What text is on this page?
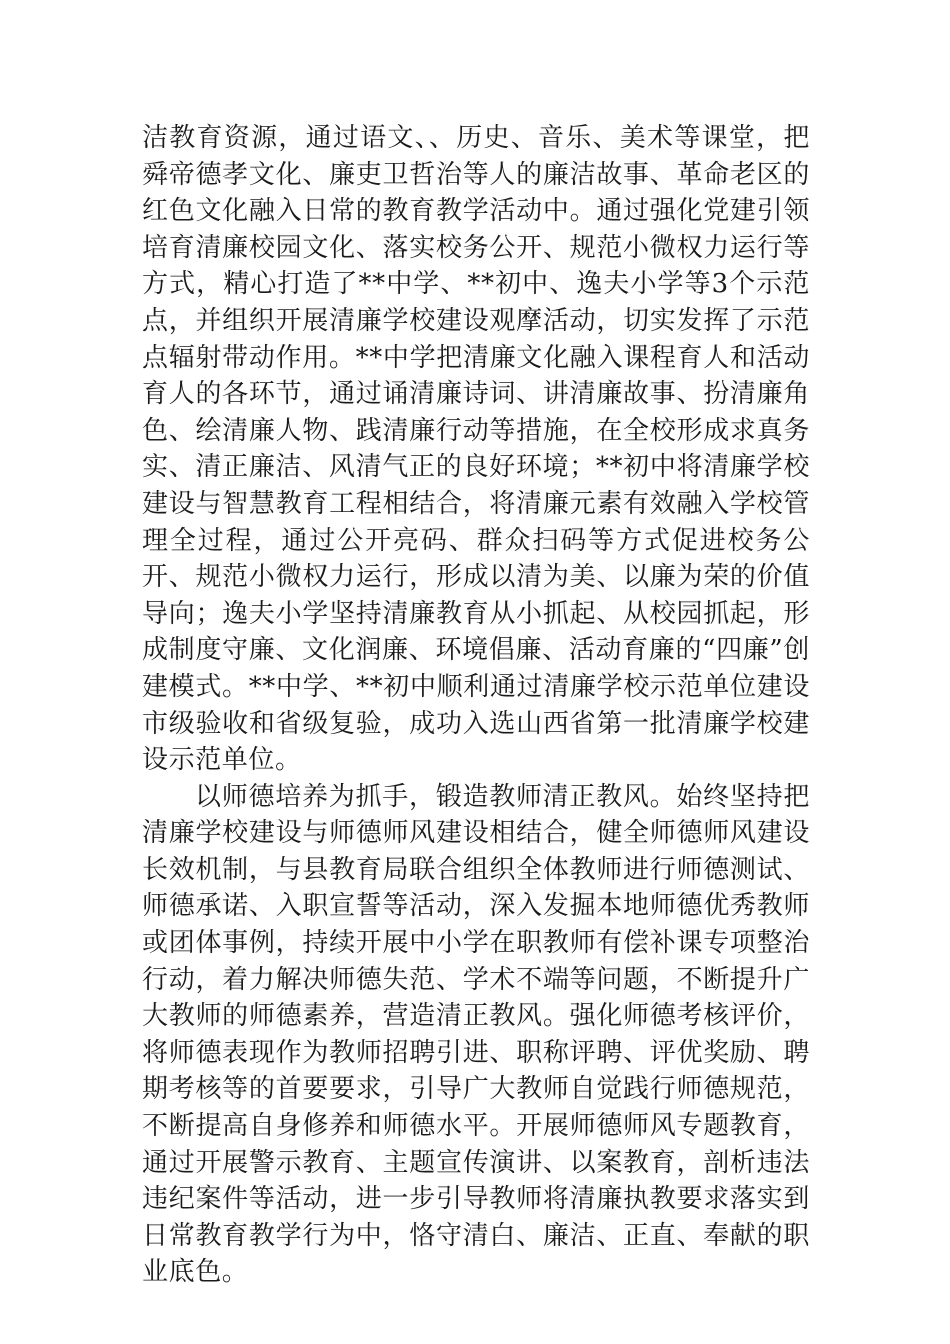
洁教育资源，通过语文、、历史、音乐、美术等课堂，把舜帝德孝文化、廉吏卫哲治等人的廉洁故事、革命老区的红色文化融入日常的教育教学活动中。通过强化党建引领培育清廉校园文化、落实校务公开、规范小微权力运行等方式，精心打造了**中学、**初中、逸夫小学等3个示范点，并组织开展清廉学校建设观摩活动，切实发挥了示范点辐射带动作用。**中学把清廉文化融入课程育人和活动育人的各环节，通过诵清廉诗词、讲清廉故事、扮清廉角色、绘清廉人物、践清廉行动等措施，在全校形成求真务实、清正廉洁、风清气正的良好环境；**初中将清廉学校建设与智慧教育工程相结合，将清廉元素有效融入学校管理全过程，通过公开亮码、群众扫码等方式促进校务公开、规范小微权力运行，形成以清为美、以廉为荣的价值导向；逸夫小学坚持清廉教育从小抓起、从校园抓起，形成制度守廉、文化润廉、环境倡廉、活动育廉的“四廉”创建模式。**中学、**初中顺利通过清廉学校示范单位建设市级验收和省级复验，成功入选山西省第一批清廉学校建设示范单位。

以师德培养为抓手，锻造教师清正教风。始终坚持把清廉学校建设与师德师风建设相结合，健全师德师风建设长效机制，与县教育局联合组织全体教师进行师德测试、师德承诺、入职宣誓等活动，深入发掘本地师德优秀教师或团体事例，持续开展中小学在职教师有偿补课专项整治行动，着力解决师德失范、学术不端等问题，不断提升广大教师的师德素养，营造清正教风。强化师德考核评价，将师德表现作为教师招聘引进、职称评聘、评优奖励、聘期考核等的首要要求，引导广大教师自觉践行师德规范，不断提高自身修养和师德水平。开展师德师风专题教育，通过开展警示教育、主题宣传演讲、以案教育，剖析违法违纪案件等活动，进一步引导教师将清廉执教要求落实到日常教育教学行为中，恪守清白、廉洁、正直、奉献的职业底色。
